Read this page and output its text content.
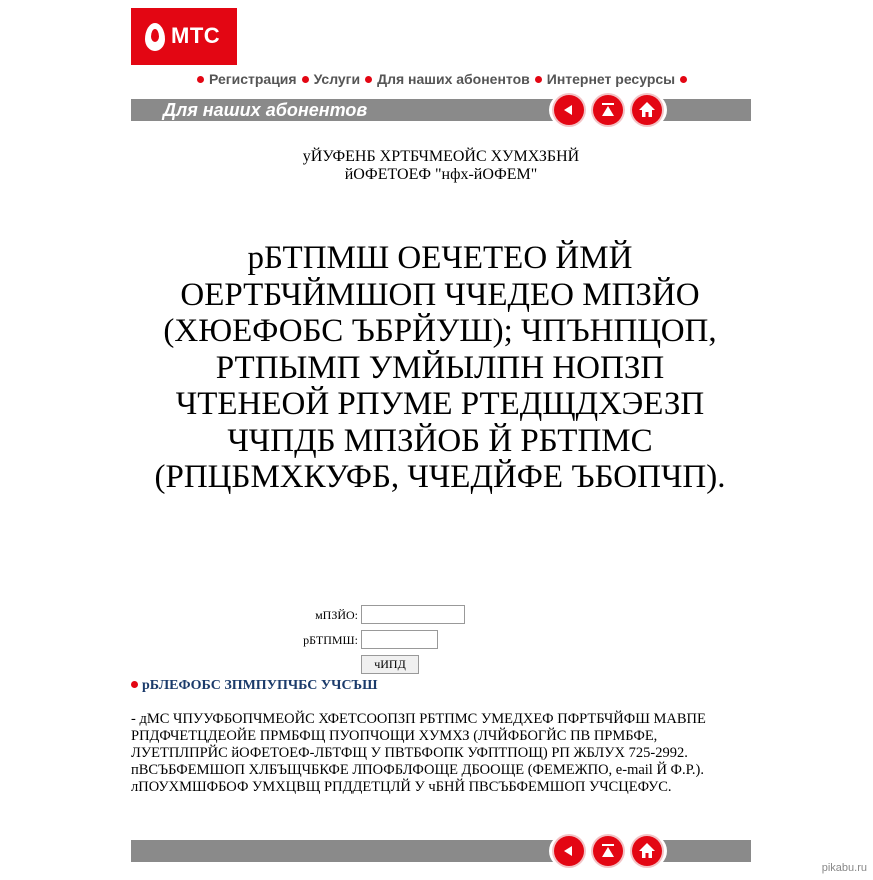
МТС
Регистрация Услуги Для наших абонентов Интернет ресурсы
Для наших абонентов
уЙУФЕНБ ХРТБЧМЕОЙС ХУМХЗБНЙ
йОФЕТОЕФ "нфх-йОФЕМ"
рБТПМШ ОЕЧЕТЕО ЙМЙ ОЕРТБЧЙМШОП ЧЧЕДЕО МПЗЙО (ХЮЕФОБС ЪБРЙУШ); ЧПЪНПЦОП, РТПЫМП УМЙЫЛПН НОПЗП ЧТЕНЕОЙ РПУМЕ РТЕДЩДХЭЕЗП ЧЧПДБ МПЗЙОБ Й РБТПМС (РПЦБМХКУФБ, ЧЧЕДЙФЕ ЪБОПЧП).
мПЗЙО:
рБТПМШ:
чИПД
рБЛЕФОБС ЗПМПУПЧБС УЧСЪШ
- дМС ЧПУУФБОПЧМЕОЙС ХФЕТСООПЗП РБТПМС УМЕДХЕФ ПФРТБЧЙФШ МАВПЕ РПДФЧЕТЦДЕОЙЕ ПРМБФЩ ПУОПЧОЩИ ХУМХЗ (ЛЧЙФБОГЙС ПВ ПРМБФЕ, ЛУЕТПЛПРЙС йОФЕТОЕФ-ЛБТФЩ У ПВТБФОПК УФПТПОЩ) РП ЖБЛУХ 725-2992. пВСЪБФЕМШОП ХЛБЪЩЧБКФЕ ЛПОФБЛФОЩЕ ДБООЩЕ (ФЕМЕЖПО, e-mail Й Ф.Р.). лПОУХМШФБОФ УМХЦВЩ РПДДЕТЦЛЙ У чБНЙ ПВСЪБФЕМШОП УЧСЦЕФУС.
pikabu.ru
